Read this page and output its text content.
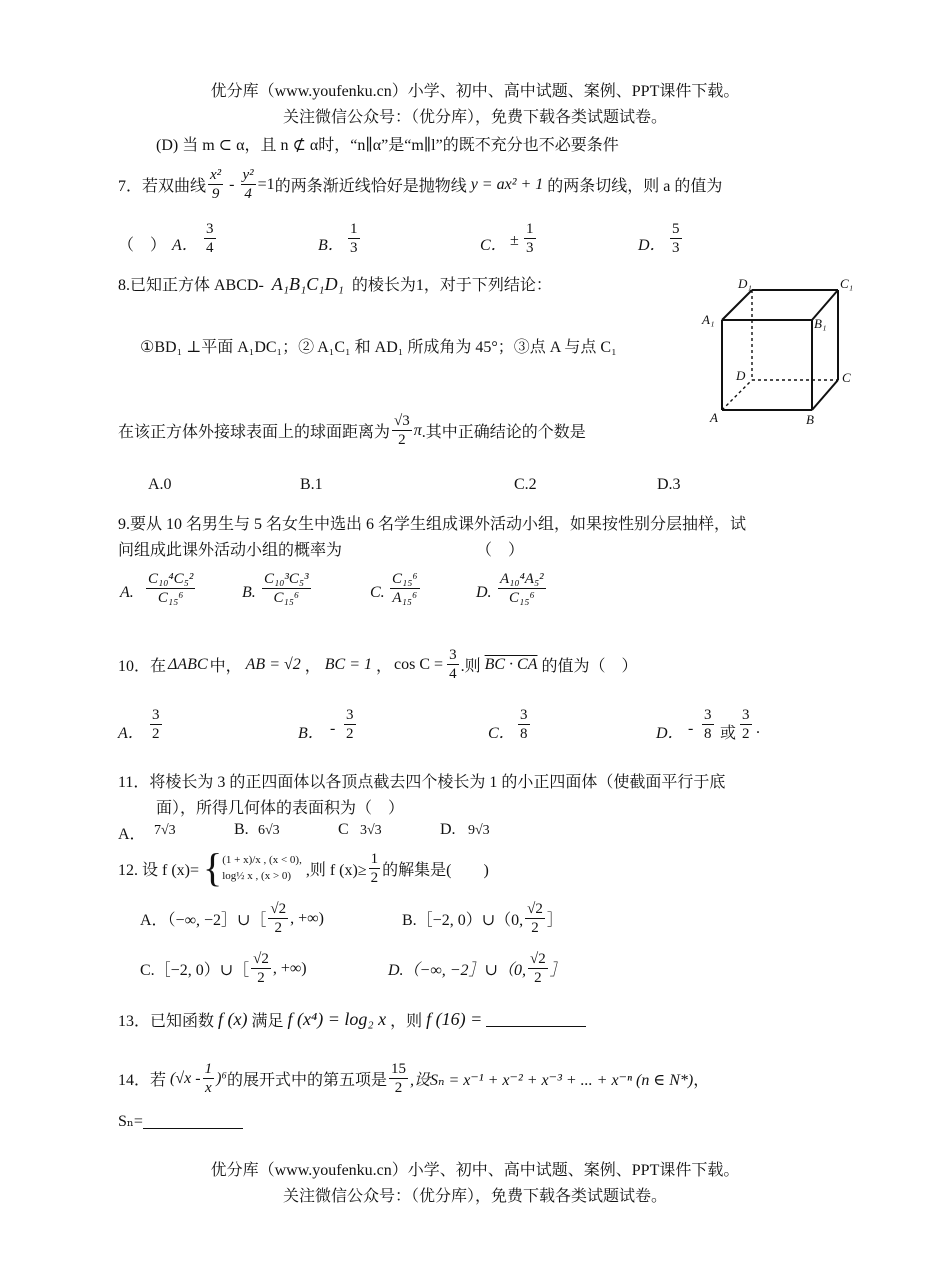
优分库（www.youfenku.cn）小学、初中、高中试题、案例、PPT课件下载。
关注微信公众号：（优分库），免费下载各类试题试卷。
(D) 当 m ⊂ α，且 n ⊄ α时，“n∥α”是“m∥l”的既不充分也不必要条件
7．若双曲线 $\frac{\text{x²}}{9} - \frac{\text{y²}}{4} =1$ 的两条渐近线恰好是抛物线 y = ax² + 1 的两条切线，则 a 的值为
（　） A． $\frac{3}{4}$	B． $\frac{1}{3}$	C． ± $\frac{1}{3}$	D． $\frac{5}{3}$
8.已知正方体 ABCD- A₁B₁C₁D₁ 的棱长为1，对于下列结论：
①BD₁ ⊥平面 A₁DC₁；② A₁C₁ 和 AD₁ 所成角为 45°；③点 A 与点 C₁
D₁	C₁
A₁	B₁
D	C
A	B
在该正方体外接球表面上的球面距离为 $\frac{√3}{2}$ π .其中正确结论的个数是
A.0	B.1	C.2	D.3
9.要从 10 名男生与 5 名女生中选出 6 名学生组成课外活动小组，如果按性别分层抽样，试
问组成此课外活动小组的概率为	（　）
A. $\frac{\text{C₁₀⁴C₅²}}{\text{C₁₅⁶}}$	B. $\frac{\text{C₁₀³C₅³}}{\text{C₁₅⁶}}$	C. $\frac{\text{C₁₅⁶}}{\text{A₁₅⁶}}$	D. $\frac{\text{A₁₀⁴A₅²}}{\text{C₁₅⁶}}$
10．在 ΔABC 中， AB = √2 ， BC = 1 ， $\cos C = \frac{3}{4}$ .则 BC · CA 的值为（　）
A． $\frac{3}{2}$	B． - $\frac{3}{2}$	C． $\frac{3}{8}$	D． - $\frac{3}{8}$ 或 $\frac{3}{2}$ .
11．将棱长为 3 的正四面体以各顶点截去四个棱长为 1 的小正四面体（使截面平行于底
面），所得几何体的表面积为（　）
A． 7√3	B. 6√3	C 3√3	D. 9√3
12. 设 f (x)= { (1 + x)/x , (x < 0),
log½ x , (x > 0) ,则 f $(x)\ge \frac{1}{2}$ 的解集是(　　)
A．（−∞, −2］∪［ $\frac{√2}{2}$ , +∞)	B.［−2, 0）∪（0, $\frac{√2}{2}$ ］
C.［−2, 0）∪［ $\frac{√2}{2}$ , +∞)	D.（−∞, −2］∪（0, $\frac{√2}{2}$ ］
13．已知函数 f (x) 满足 f (x⁴) = log₂ x ，则 f (16) =
14．若 $(√x - \frac{1}{x} )^6$ 的展开式中的第五项是 $\frac{15}{2}$ ,设Sₙ = x⁻¹ + x⁻² + x⁻³ + ... + x⁻ⁿ (n ∈ N*) ，
Sₙ=
优分库（www.youfenku.cn）小学、初中、高中试题、案例、PPT课件下载。
关注微信公众号：（优分库），免费下载各类试题试卷。
